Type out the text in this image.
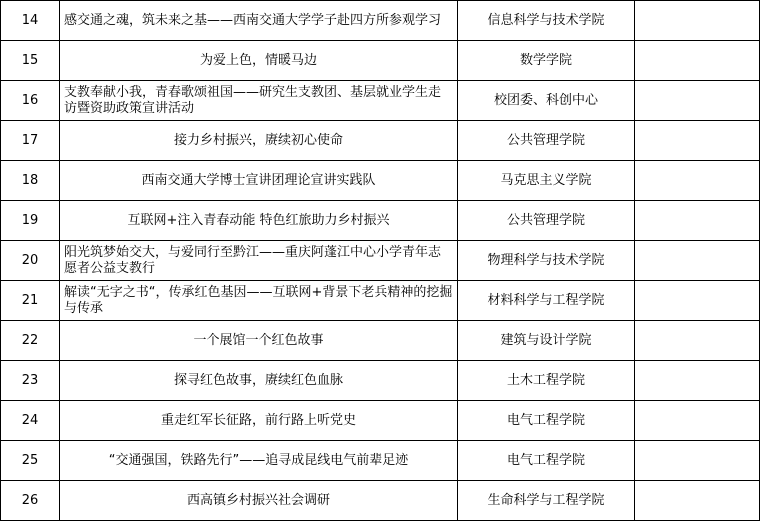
14	感交通之魂，筑未来之基——西南交通大学学子赴四方所参观学习	信息科学与技术学院	
15	为爱上色，情暖马边	数学学院	
16	支教奉献小我，青春歌颂祖国——研究生支教团、基层就业学生走访暨资助政策宣讲活动	校团委、科创中心	
17	接力乡村振兴，赓续初心使命	公共管理学院	
18	西南交通大学博士宣讲团理论宣讲实践队	马克思主义学院	
19	互联网+注入青春动能 特色红旅助力乡村振兴	公共管理学院	
20	阳光筑梦始交大，与爱同行至黔江——重庆阿蓬江中心小学青年志愿者公益支教行	物理科学与技术学院	
21	解读“无字之书“，传承红色基因——互联网+背景下老兵精神的挖掘与传承	材料科学与工程学院	
22	一个展馆一个红色故事	建筑与设计学院	
23	探寻红色故事，赓续红色血脉	土木工程学院	
24	重走红军长征路，前行路上听党史	电气工程学院	
25	“交通强国，铁路先行”——追寻成昆线电气前辈足迹	电气工程学院	
26	西高镇乡村振兴社会调研	生命科学与工程学院	
